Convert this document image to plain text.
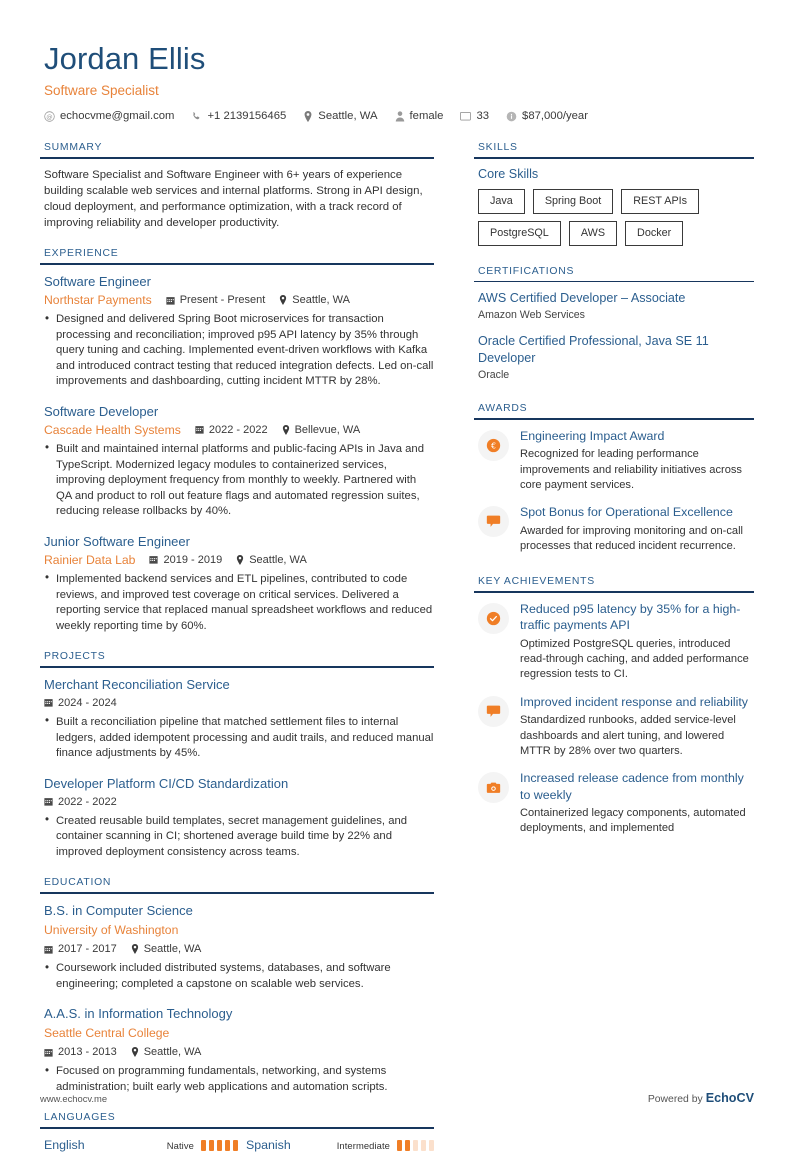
Jordan Ellis
Software Specialist
@ echocvme@gmail.com	+1 2139156465	Seattle, WA	female	33	$87,000/year
SUMMARY
Software Specialist and Software Engineer with 6+ years of experience building scalable web services and internal platforms. Strong in API design, cloud deployment, and performance optimization, with a track record of improving reliability and developer productivity.
EXPERIENCE
Software Engineer
Northstar Payments	Present - Present Seattle, WA
• Designed and delivered Spring Boot microservices for transaction processing and reconciliation; improved p95 API latency by 35% through query tuning and caching. Implemented event-driven workflows with Kafka and introduced contract testing that reduced integration defects. Led on-call improvements and dashboarding, cutting incident MTTR by 28%.
Software Developer
Cascade Health Systems	2022 - 2022 Bellevue, WA
• Built and maintained internal platforms and public-facing APIs in Java and TypeScript. Modernized legacy modules to containerized services, improving deployment frequency from monthly to weekly. Partnered with QA and product to roll out feature flags and automated regression suites, reducing release rollbacks by 40%.
Junior Software Engineer
Rainier Data Lab	2019 - 2019 Seattle, WA
• Implemented backend services and ETL pipelines, contributed to code reviews, and improved test coverage on critical services. Delivered a reporting service that replaced manual spreadsheet workflows and reduced weekly reporting time by 60%.
PROJECTS
Merchant Reconciliation Service
2024 - 2024
• Built a reconciliation pipeline that matched settlement files to internal ledgers, added idempotent processing and audit trails, and reduced manual finance adjustments by 45%.
Developer Platform CI/CD Standardization
2022 - 2022
• Created reusable build templates, secret management guidelines, and container scanning in CI; shortened average build time by 22% and improved deployment consistency across teams.
EDUCATION
B.S. in Computer Science
University of Washington
2017 - 2017 Seattle, WA
• Coursework included distributed systems, databases, and software engineering; completed a capstone on scalable web services.
A.A.S. in Information Technology
Seattle Central College
2013 - 2013 Seattle, WA
• Focused on programming fundamentals, networking, and systems administration; built early web applications and automation scripts.
LANGUAGES
English	Native	Spanish	Intermediate
SKILLS
Core Skills
Java	Spring Boot	REST APIs
PostgreSQL	AWS	Docker
CERTIFICATIONS
AWS Certified Developer – Associate
Amazon Web Services
Oracle Certified Professional, Java SE 11 Developer
Oracle
AWARDS
€
Engineering Impact Award
Recognized for leading performance improvements and reliability initiatives across core payment services.
Spot Bonus for Operational Excellence
Awarded for improving monitoring and on-call processes that reduced incident recurrence.
KEY ACHIEVEMENTS
Reduced p95 latency by 35% for a high-traffic payments API
Optimized PostgreSQL queries, introduced read-through caching, and added performance regression tests to CI.
Improved incident response and reliability
Standardized runbooks, added service-level dashboards and alert tuning, and lowered MTTR by 28% over two quarters.
Increased release cadence from monthly to weekly
Containerized legacy components, automated deployments, and implemented
www.echocv.me	Powered by EchoCV
